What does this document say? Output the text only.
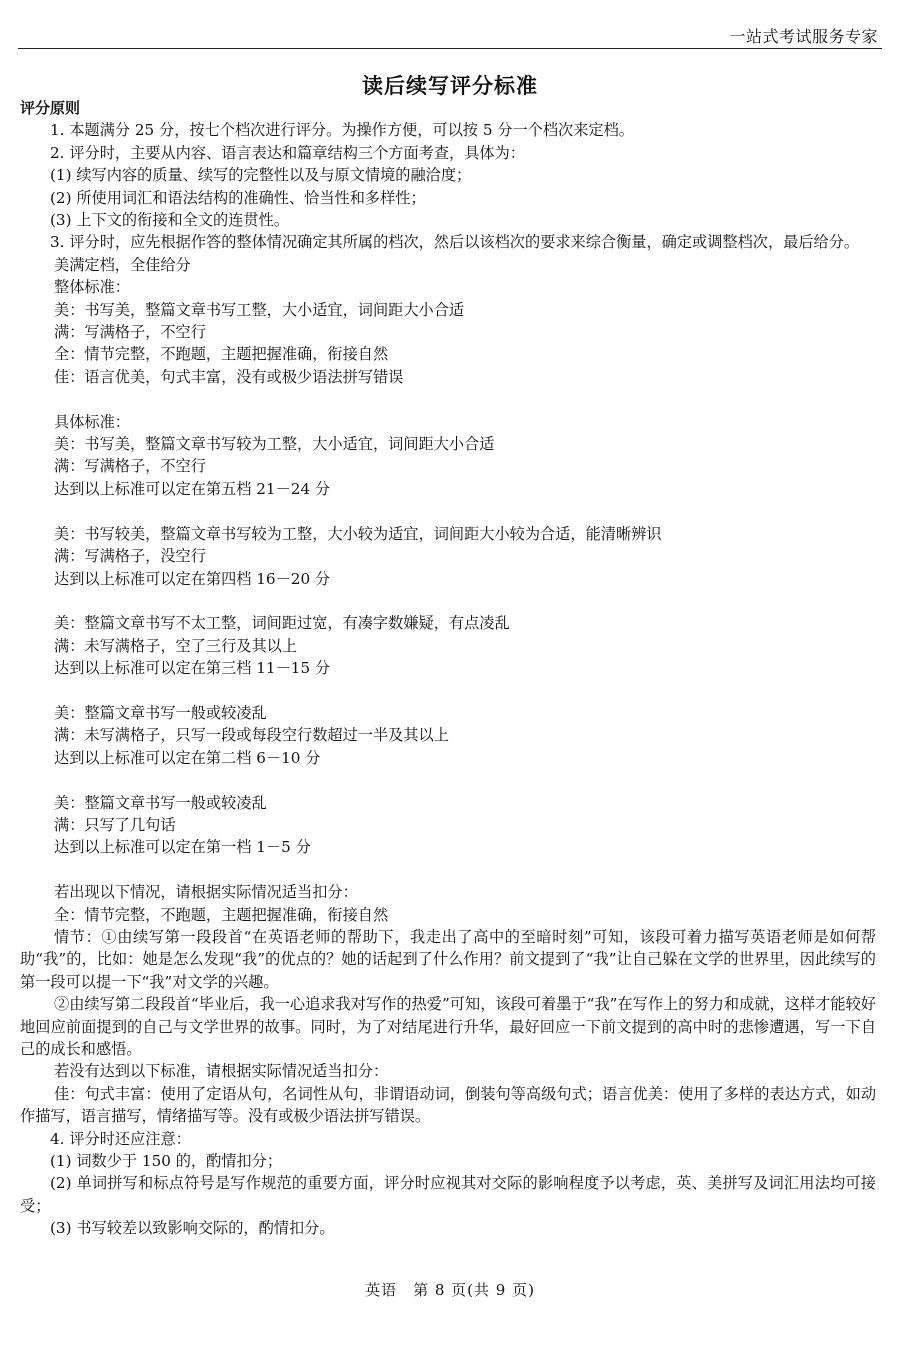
一站式考试服务专家
读后续写评分标准
评分原则
1. 本题满分 25 分，按七个档次进行评分。为操作方便，可以按 5 分一个档次来定档。
2. 评分时，主要从内容、语言表达和篇章结构三个方面考查，具体为：
(1) 续写内容的质量、续写的完整性以及与原文情境的融洽度；
(2) 所使用词汇和语法结构的准确性、恰当性和多样性；
(3) 上下文的衔接和全文的连贯性。
3. 评分时，应先根据作答的整体情况确定其所属的档次，然后以该档次的要求来综合衡量，确定或调整档次，最后给分。
美满定档，全佳给分
整体标准：
美：书写美，整篇文章书写工整，大小适宜，词间距大小合适
满：写满格子，不空行
全：情节完整，不跑题，主题把握准确，衔接自然
佳：语言优美，句式丰富，没有或极少语法拼写错误
具体标准：
美：书写美，整篇文章书写较为工整，大小适宜，词间距大小合适
满：写满格子，不空行
达到以上标准可以定在第五档 21－24 分
美：书写较美，整篇文章书写较为工整，大小较为适宜，词间距大小较为合适，能清晰辨识
满：写满格子，没空行
达到以上标准可以定在第四档 16－20 分
美：整篇文章书写不太工整，词间距过宽，有凑字数嫌疑，有点凌乱
满：未写满格子，空了三行及其以上
达到以上标准可以定在第三档 11－15 分
美：整篇文章书写一般或较凌乱
满：未写满格子，只写一段或每段空行数超过一半及其以上
达到以上标准可以定在第二档 6－10 分
美：整篇文章书写一般或较凌乱
满：只写了几句话
达到以上标准可以定在第一档 1－5 分
若出现以下情况，请根据实际情况适当扣分：
全：情节完整，不跑题，主题把握准确，衔接自然
情节：①由续写第一段段首“在英语老师的帮助下，我走出了高中的至暗时刻”可知，该段可着力描写英语老师是如何帮助“我”的，比如：她是怎么发现“我”的优点的？她的话起到了什么作用？前文提到了“我”让自己躲在文学的世界里，因此续写的第一段可以提一下“我”对文学的兴趣。
②由续写第二段段首“毕业后，我一心追求我对写作的热爱”可知，该段可着墨于“我”在写作上的努力和成就，这样才能较好地回应前面提到的自己与文学世界的故事。同时，为了对结尾进行升华，最好回应一下前文提到的高中时的悲惨遭遇，写一下自己的成长和感悟。
若没有达到以下标准，请根据实际情况适当扣分：
佳：句式丰富：使用了定语从句，名词性从句，非谓语动词，倒装句等高级句式；语言优美：使用了多样的表达方式，如动作描写，语言描写，情绪描写等。没有或极少语法拼写错误。
4. 评分时还应注意：
(1) 词数少于 150 的，酌情扣分；
(2) 单词拼写和标点符号是写作规范的重要方面，评分时应视其对交际的影响程度予以考虑，英、美拼写及词汇用法均可接受；
(3) 书写较差以致影响交际的，酌情扣分。
英语　第 8 页(共 9 页)
